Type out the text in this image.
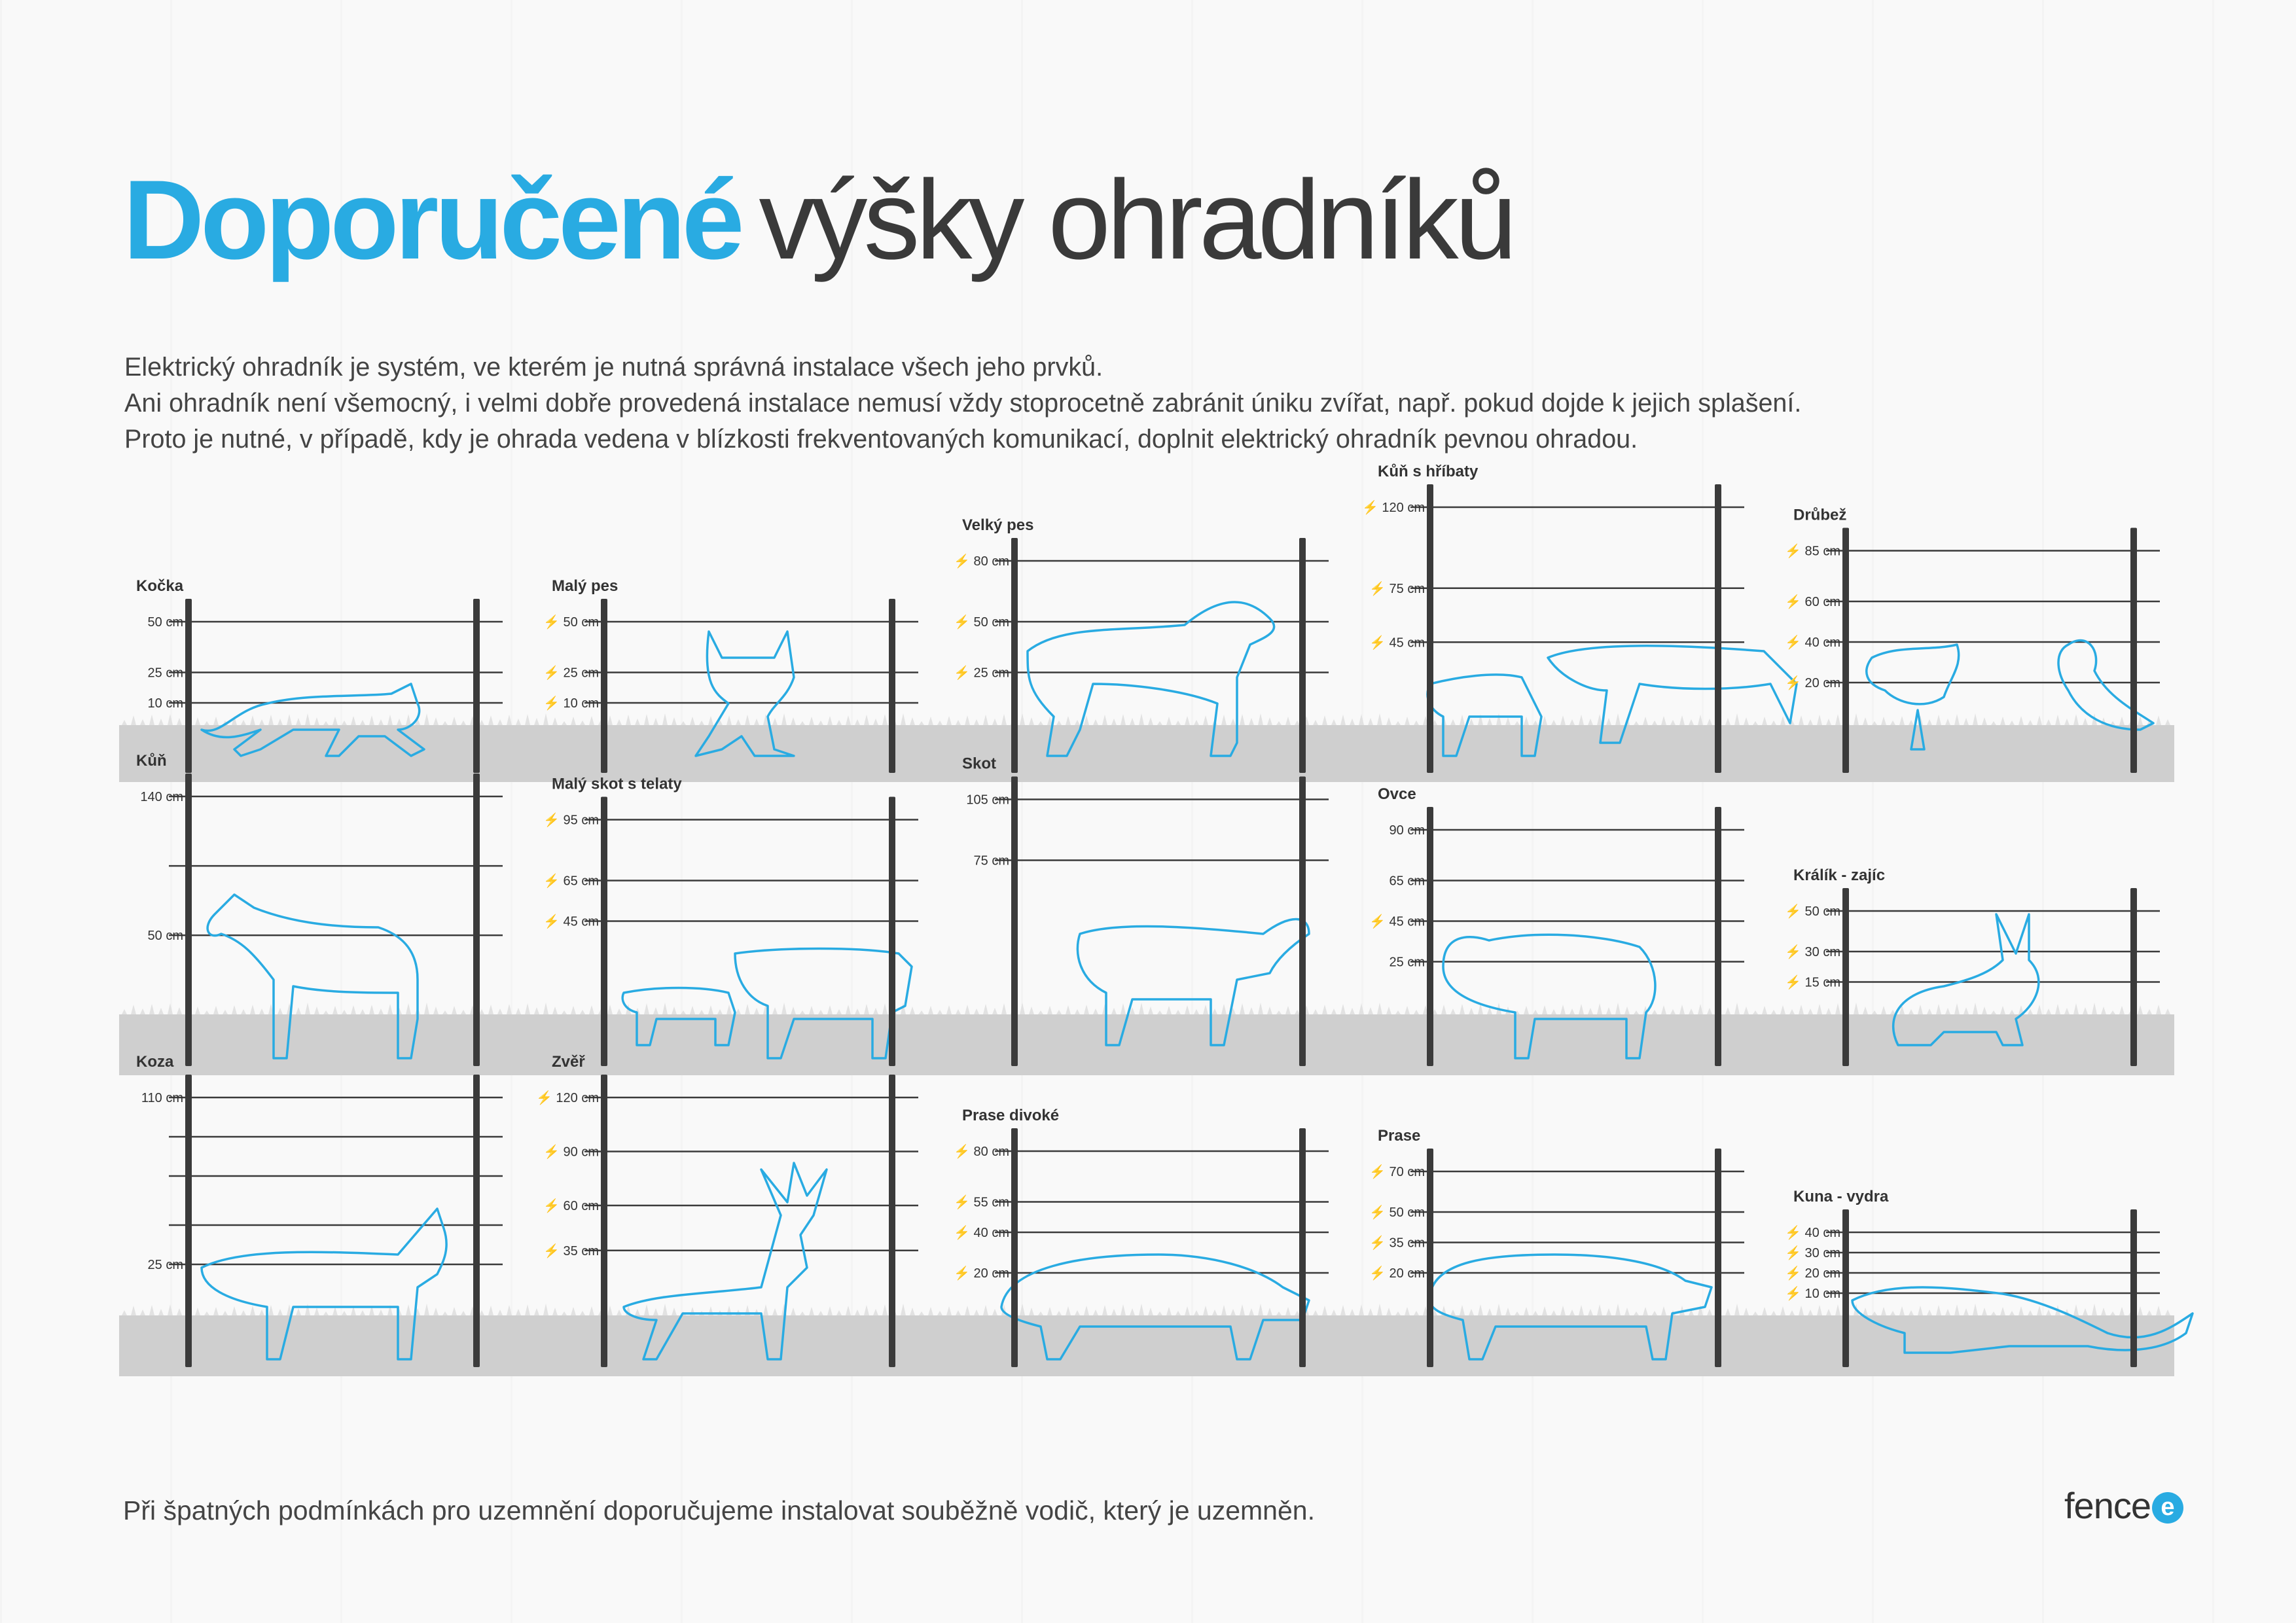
Doporučené výšky ohradníků
Elektrický ohradník je systém, ve kterém je nutná správná instalace všech jeho prvků.
Ani ohradník není všemocný, i velmi dobře provedená instalace nemusí vždy stoprocetně zabránit úniku zvířat, např. pokud dojde k jejich splašení.
Proto je nutné, v případě, kdy je ohrada vedena v blízkosti frekventovaných komunikací, doplnit elektrický ohradník pevnou ohradou.
Kočka
50 cm
25 cm
10 cm
Malý pes
⚡ 50 cm
⚡ 25 cm
⚡ 10 cm
Velký pes
⚡ 80 cm
⚡ 50 cm
⚡ 25 cm
Kůň s hříbaty
⚡ 120 cm
⚡ 75 cm
⚡ 45 cm
Drůbež
⚡ 85 cm
⚡ 60 cm
⚡ 40 cm
⚡ 20 cm
Kůň
140 cm
50 cm
Malý skot s telaty
⚡ 95 cm
⚡ 65 cm
⚡ 45 cm
Skot
105 cm
75 cm
Ovce
90 cm
65 cm
⚡ 45 cm
25 cm
Králík - zajíc
⚡ 50 cm
⚡ 30 cm
⚡ 15 cm
Koza
110 cm
25 cm
Zvěř
⚡ 120 cm
⚡ 90 cm
⚡ 60 cm
⚡ 35 cm
Prase divoké
⚡ 80 cm
⚡ 55 cm
⚡ 40 cm
⚡ 20 cm
Prase
⚡ 70 cm
⚡ 50 cm
⚡ 35 cm
⚡ 20 cm
Kuna - vydra
⚡ 40 cm
⚡ 30 cm
⚡ 20 cm
⚡ 10 cm
Při špatných podmínkách pro uzemnění doporučujeme instalovat souběžně vodič, který je uzemněn.	fence e
